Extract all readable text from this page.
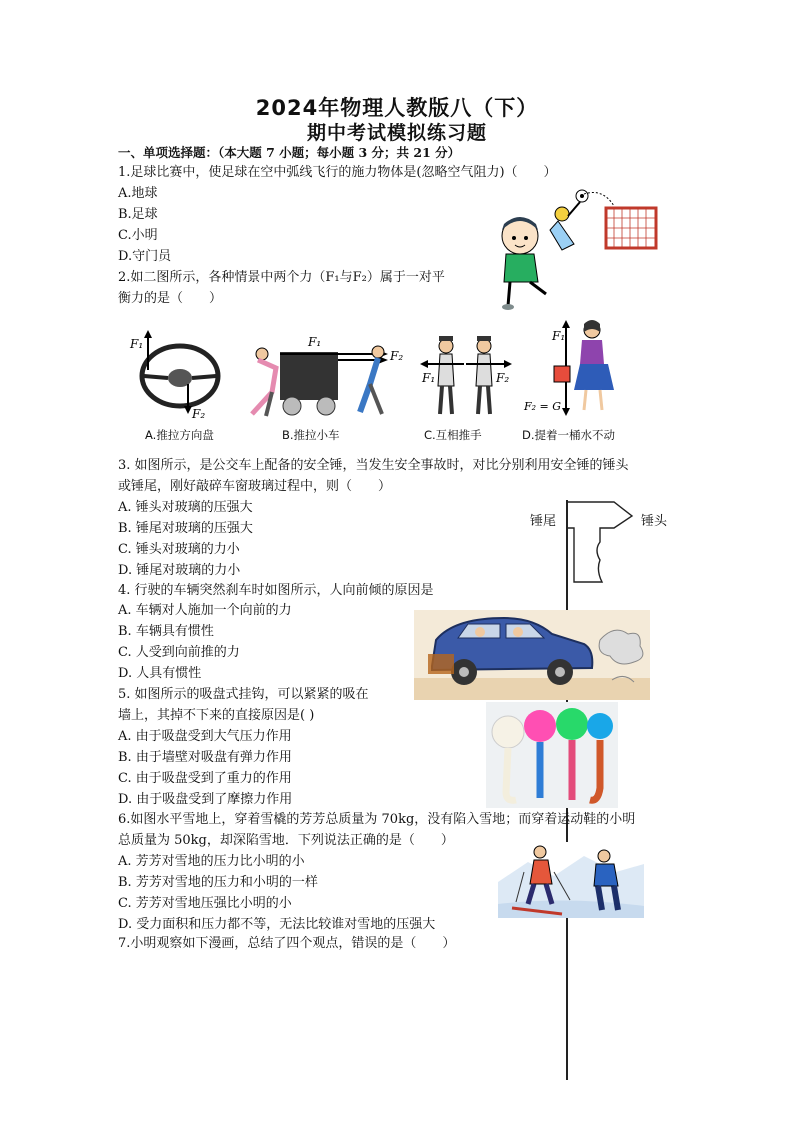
2024年物理人教版八（下）
期中考试模拟练习题
一、单项选择题：（本大题 7 小题；每小题 3 分；共 21 分）
1.足球比赛中，使足球在空中弧线飞行的施力物体是(忽略空气阻力)（　　）
A.地球
B.足球
C.小明
D.守门员
2.如二图所示，各种情景中两个力（F₁与F₂）属于一对平
衡力的是（　　）
F₁
F₂
F₁
F₂
F₁	F₂
F₁
F₂ = G
A.推拉方向盘	B.推拉小车	C.互相推手	D.提着一桶水不动
3. 如图所示，是公交车上配备的安全锤，当发生安全事故时，对比分别利用安全锤的锤头
或锤尾，刚好敲碎车窗玻璃过程中，则（　　）
A. 锤头对玻璃的压强大
B. 锤尾对玻璃的压强大
C. 锤头对玻璃的力小
D. 锤尾对玻璃的力小
锤尾	锤头
4. 行驶的车辆突然刹车时如图所示，人向前倾的原因是
A. 车辆对人施加一个向前的力
B. 车辆具有惯性
C. 人受到向前推的力
D. 人具有惯性
5. 如图所示的吸盘式挂钩，可以紧紧的吸在
墙上，其掉不下来的直接原因是( )
A. 由于吸盘受到大气压力作用
B. 由于墙壁对吸盘有弹力作用
C. 由于吸盘受到了重力的作用
D. 由于吸盘受到了摩擦力作用
6.如图水平雪地上，穿着雪橇的芳芳总质量为 70kg，没有陷入雪地；而穿着运动鞋的小明
总质量为 50kg，却深陷雪地．下列说法正确的是（　　）
A. 芳芳对雪地的压力比小明的小
B. 芳芳对雪地的压力和小明的一样
C. 芳芳对雪地压强比小明的小
D. 受力面积和压力都不等，无法比较谁对雪地的压强大
7.小明观察如下漫画，总结了四个观点，错误的是（　　）
